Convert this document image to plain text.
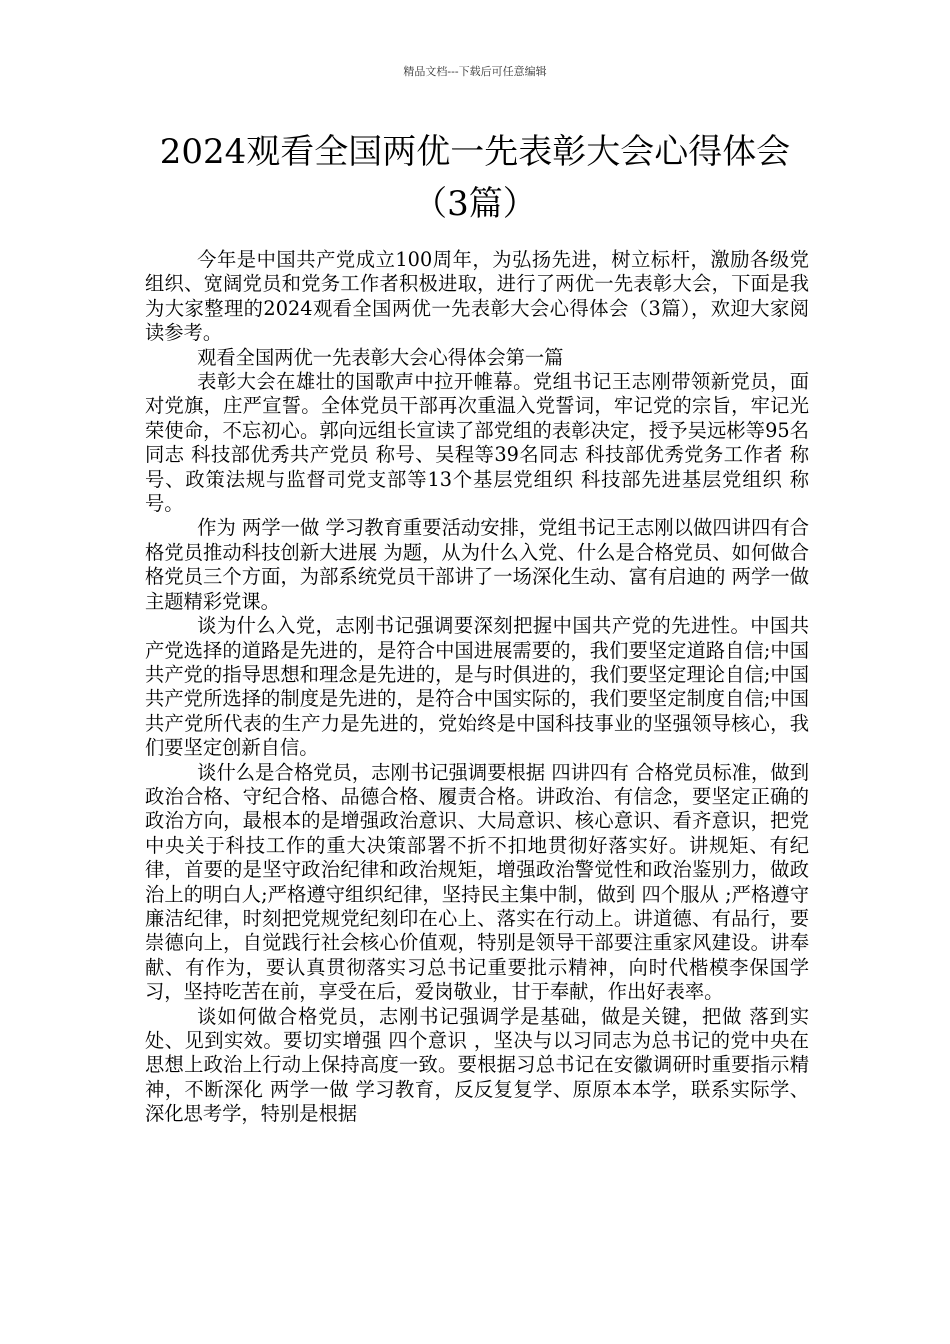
精品文档---下载后可任意编辑
2024观看全国两优一先表彰大会心得体会
（3篇）

今年是中国共产党成立100周年，为弘扬先进，树立标杆，激励各级党组织、宽阔党员和党务工作者积极进取，进行了两优一先表彰大会，下面是我为大家整理的2024观看全国两优一先表彰大会心得体会（3篇），欢迎大家阅读参考。

观看全国两优一先表彰大会心得体会第一篇

表彰大会在雄壮的国歌声中拉开帷幕。党组书记王志刚带领新党员，面对党旗，庄严宣誓。全体党员干部再次重温入党誓词，牢记党的宗旨，牢记光荣使命，不忘初心。郭向远组长宣读了部党组的表彰决定，授予吴远彬等95名同志 科技部优秀共产党员 称号、吴程等39名同志 科技部优秀党务工作者 称号、政策法规与监督司党支部等13个基层党组织 科技部先进基层党组织 称号。

作为 两学一做 学习教育重要活动安排，党组书记王志刚以做四讲四有合格党员推动科技创新大进展 为题，从为什么入党、什么是合格党员、如何做合格党员三个方面，为部系统党员干部讲了一场深化生动、富有启迪的 两学一做 主题精彩党课。

谈为什么入党，志刚书记强调要深刻把握中国共产党的先进性。中国共产党选择的道路是先进的，是符合中国进展需要的，我们要坚定道路自信;中国共产党的指导思想和理念是先进的，是与时俱进的，我们要坚定理论自信;中国共产党所选择的制度是先进的，是符合中国实际的，我们要坚定制度自信;中国共产党所代表的生产力是先进的，党始终是中国科技事业的坚强领导核心，我们要坚定创新自信。

谈什么是合格党员，志刚书记强调要根据 四讲四有 合格党员标准，做到政治合格、守纪合格、品德合格、履责合格。讲政治、有信念，要坚定正确的政治方向，最根本的是增强政治意识、大局意识、核心意识、看齐意识，把党中央关于科技工作的重大决策部署不折不扣地贯彻好落实好。讲规矩、有纪律，首要的是坚守政治纪律和政治规矩，增强政治警觉性和政治鉴别力，做政治上的明白人;严格遵守组织纪律，坚持民主集中制，做到 四个服从 ;严格遵守廉洁纪律，时刻把党规党纪刻印在心上、落实在行动上。讲道德、有品行，要崇德向上，自觉践行社会核心价值观，特别是领导干部要注重家风建设。讲奉献、有作为，要认真贯彻落实习总书记重要批示精神，向时代楷模李保国学习，坚持吃苦在前，享受在后，爱岗敬业，甘于奉献，作出好表率。

谈如何做合格党员，志刚书记强调学是基础，做是关键，把做 落到实处、见到实效。要切实增强 四个意识 ，坚决与以习同志为总书记的党中央在思想上政治上行动上保持高度一致。要根据习总书记在安徽调研时重要指示精神，不断深化 两学一做 学习教育，反反复复学、原原本本学，联系实际学、深化思考学，特别是根据
